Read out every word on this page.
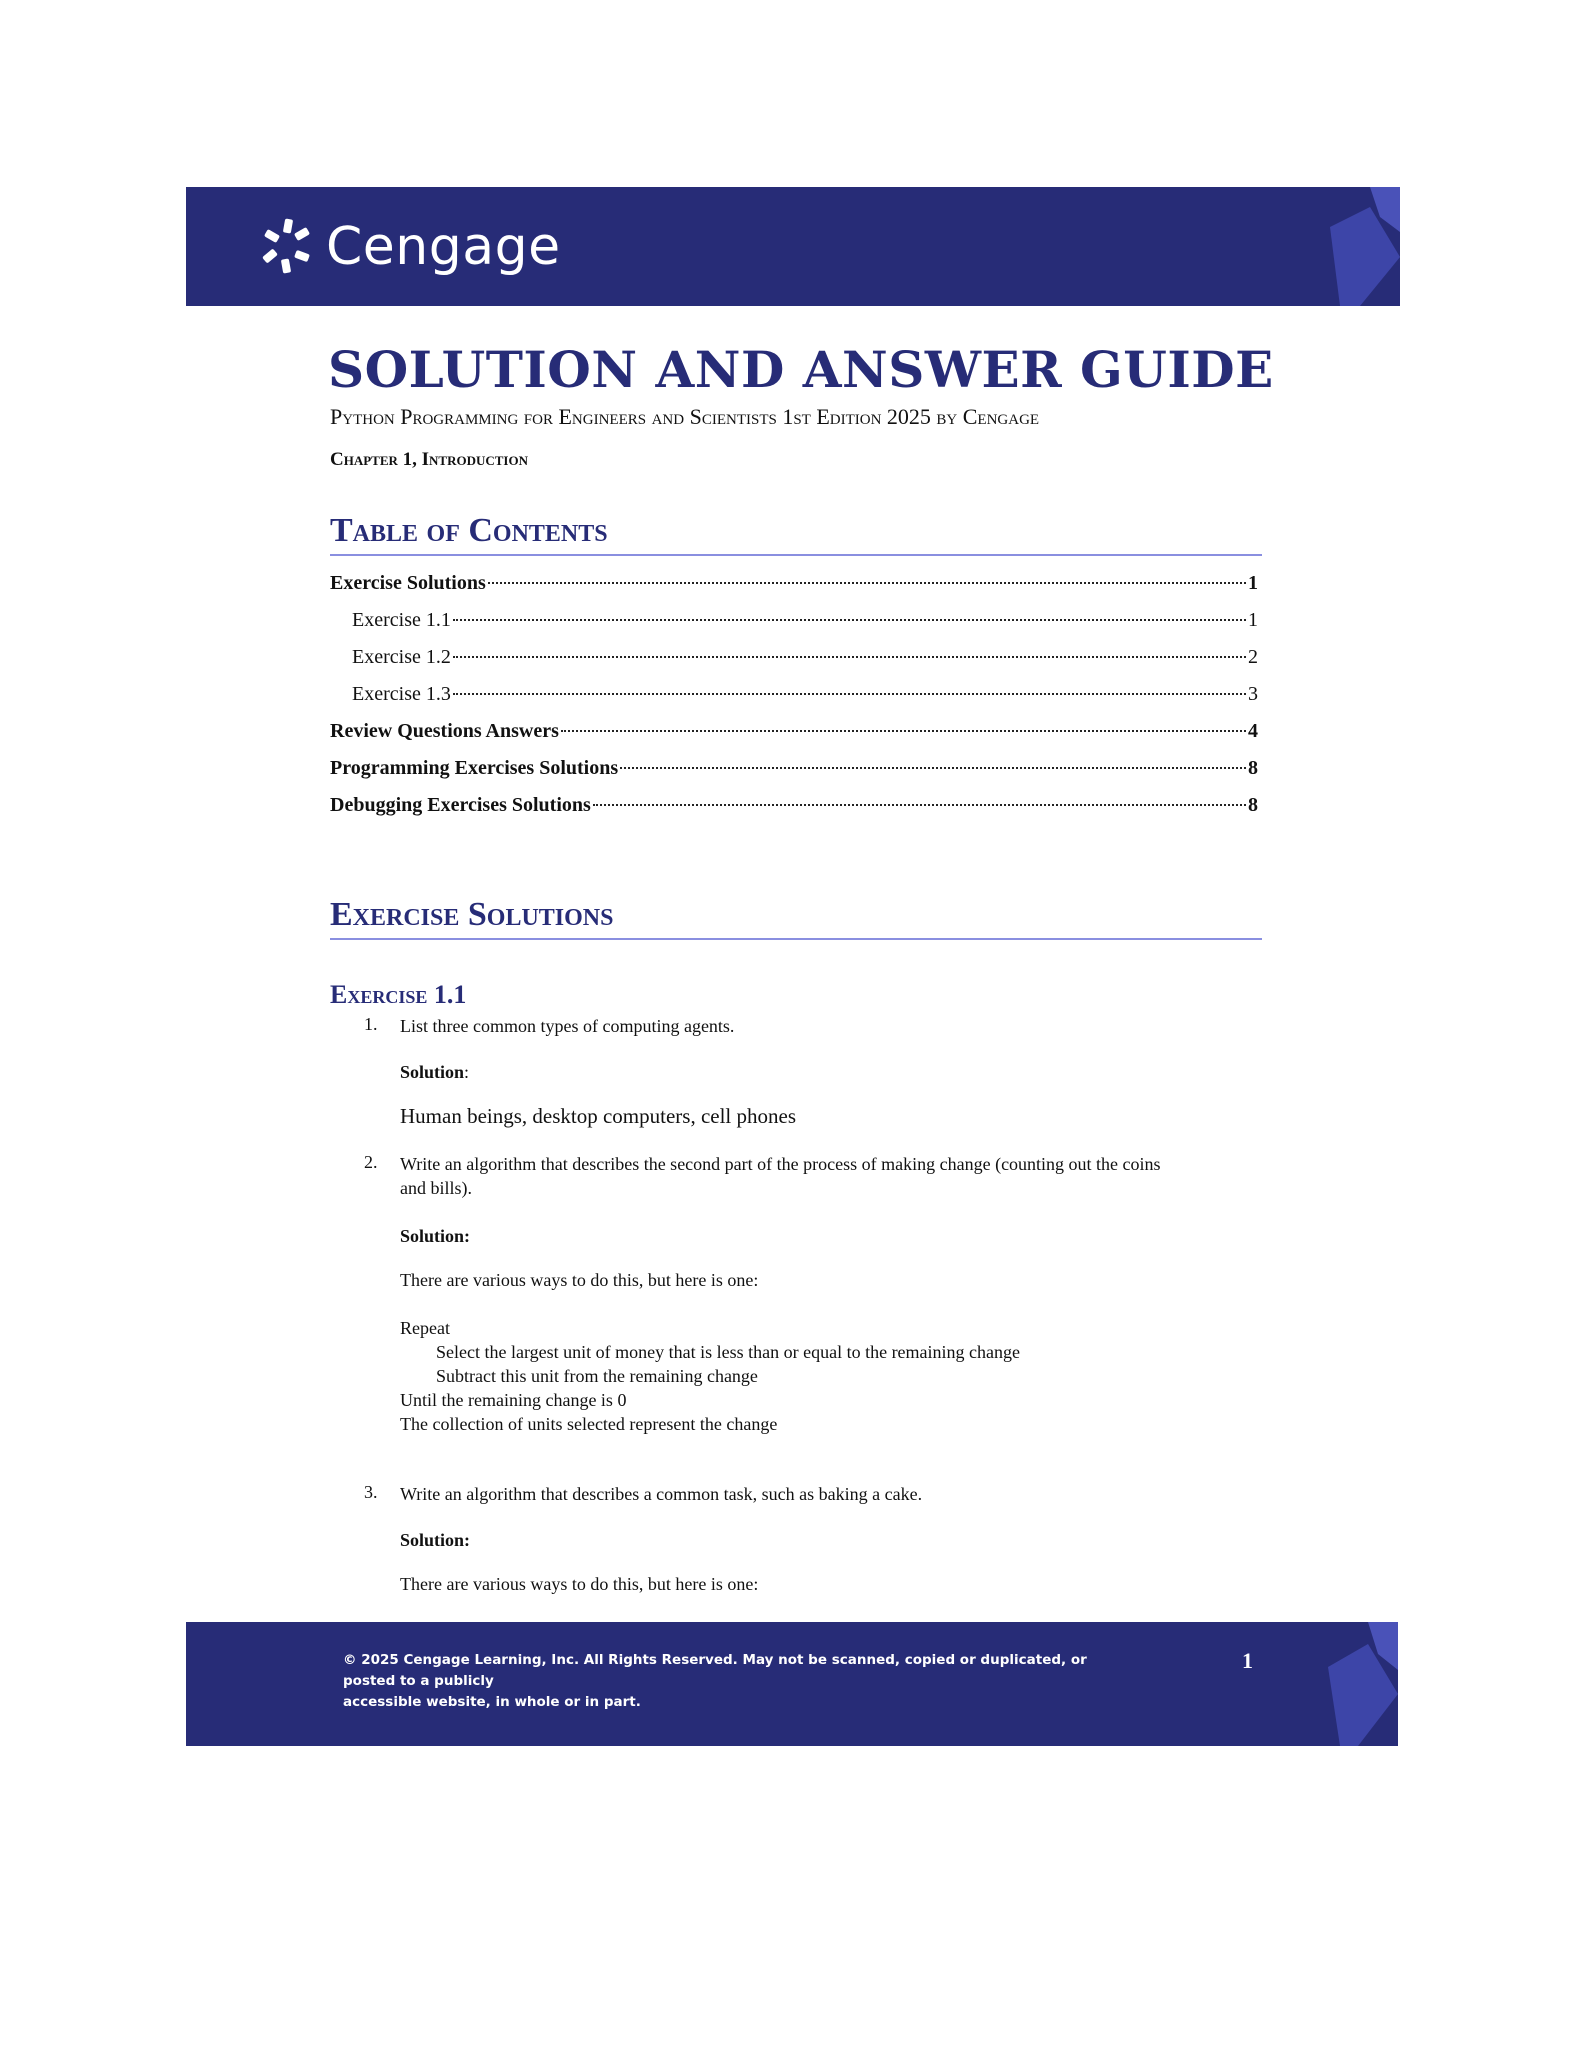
Cengage
SOLUTION AND ANSWER GUIDE
Python Programming for Engineers and Scientists 1st Edition 2025 by Cengage
Chapter 1, Introduction
Table of Contents
Exercise Solutions	1
Exercise 1.1	1
Exercise 1.2	2
Exercise 1.3	3
Review Questions Answers	4
Programming Exercises Solutions	8
Debugging Exercises Solutions	8
Exercise Solutions
Exercise 1.1
1. List three common types of computing agents.
Solution:
Human beings, desktop computers, cell phones
2. Write an algorithm that describes the second part of the process of making change (counting out the coins
and bills).
Solution:
There are various ways to do this, but here is one:
Repeat
Select the largest unit of money that is less than or equal to the remaining change
Subtract this unit from the remaining change
Until the remaining change is 0
The collection of units selected represent the change
3. Write an algorithm that describes a common task, such as baking a cake.
Solution:
There are various ways to do this, but here is one:
© 2025 Cengage Learning, Inc. All Rights Reserved. May not be scanned, copied or duplicated, or posted to a publicly
accessible website, in whole or in part.
1
